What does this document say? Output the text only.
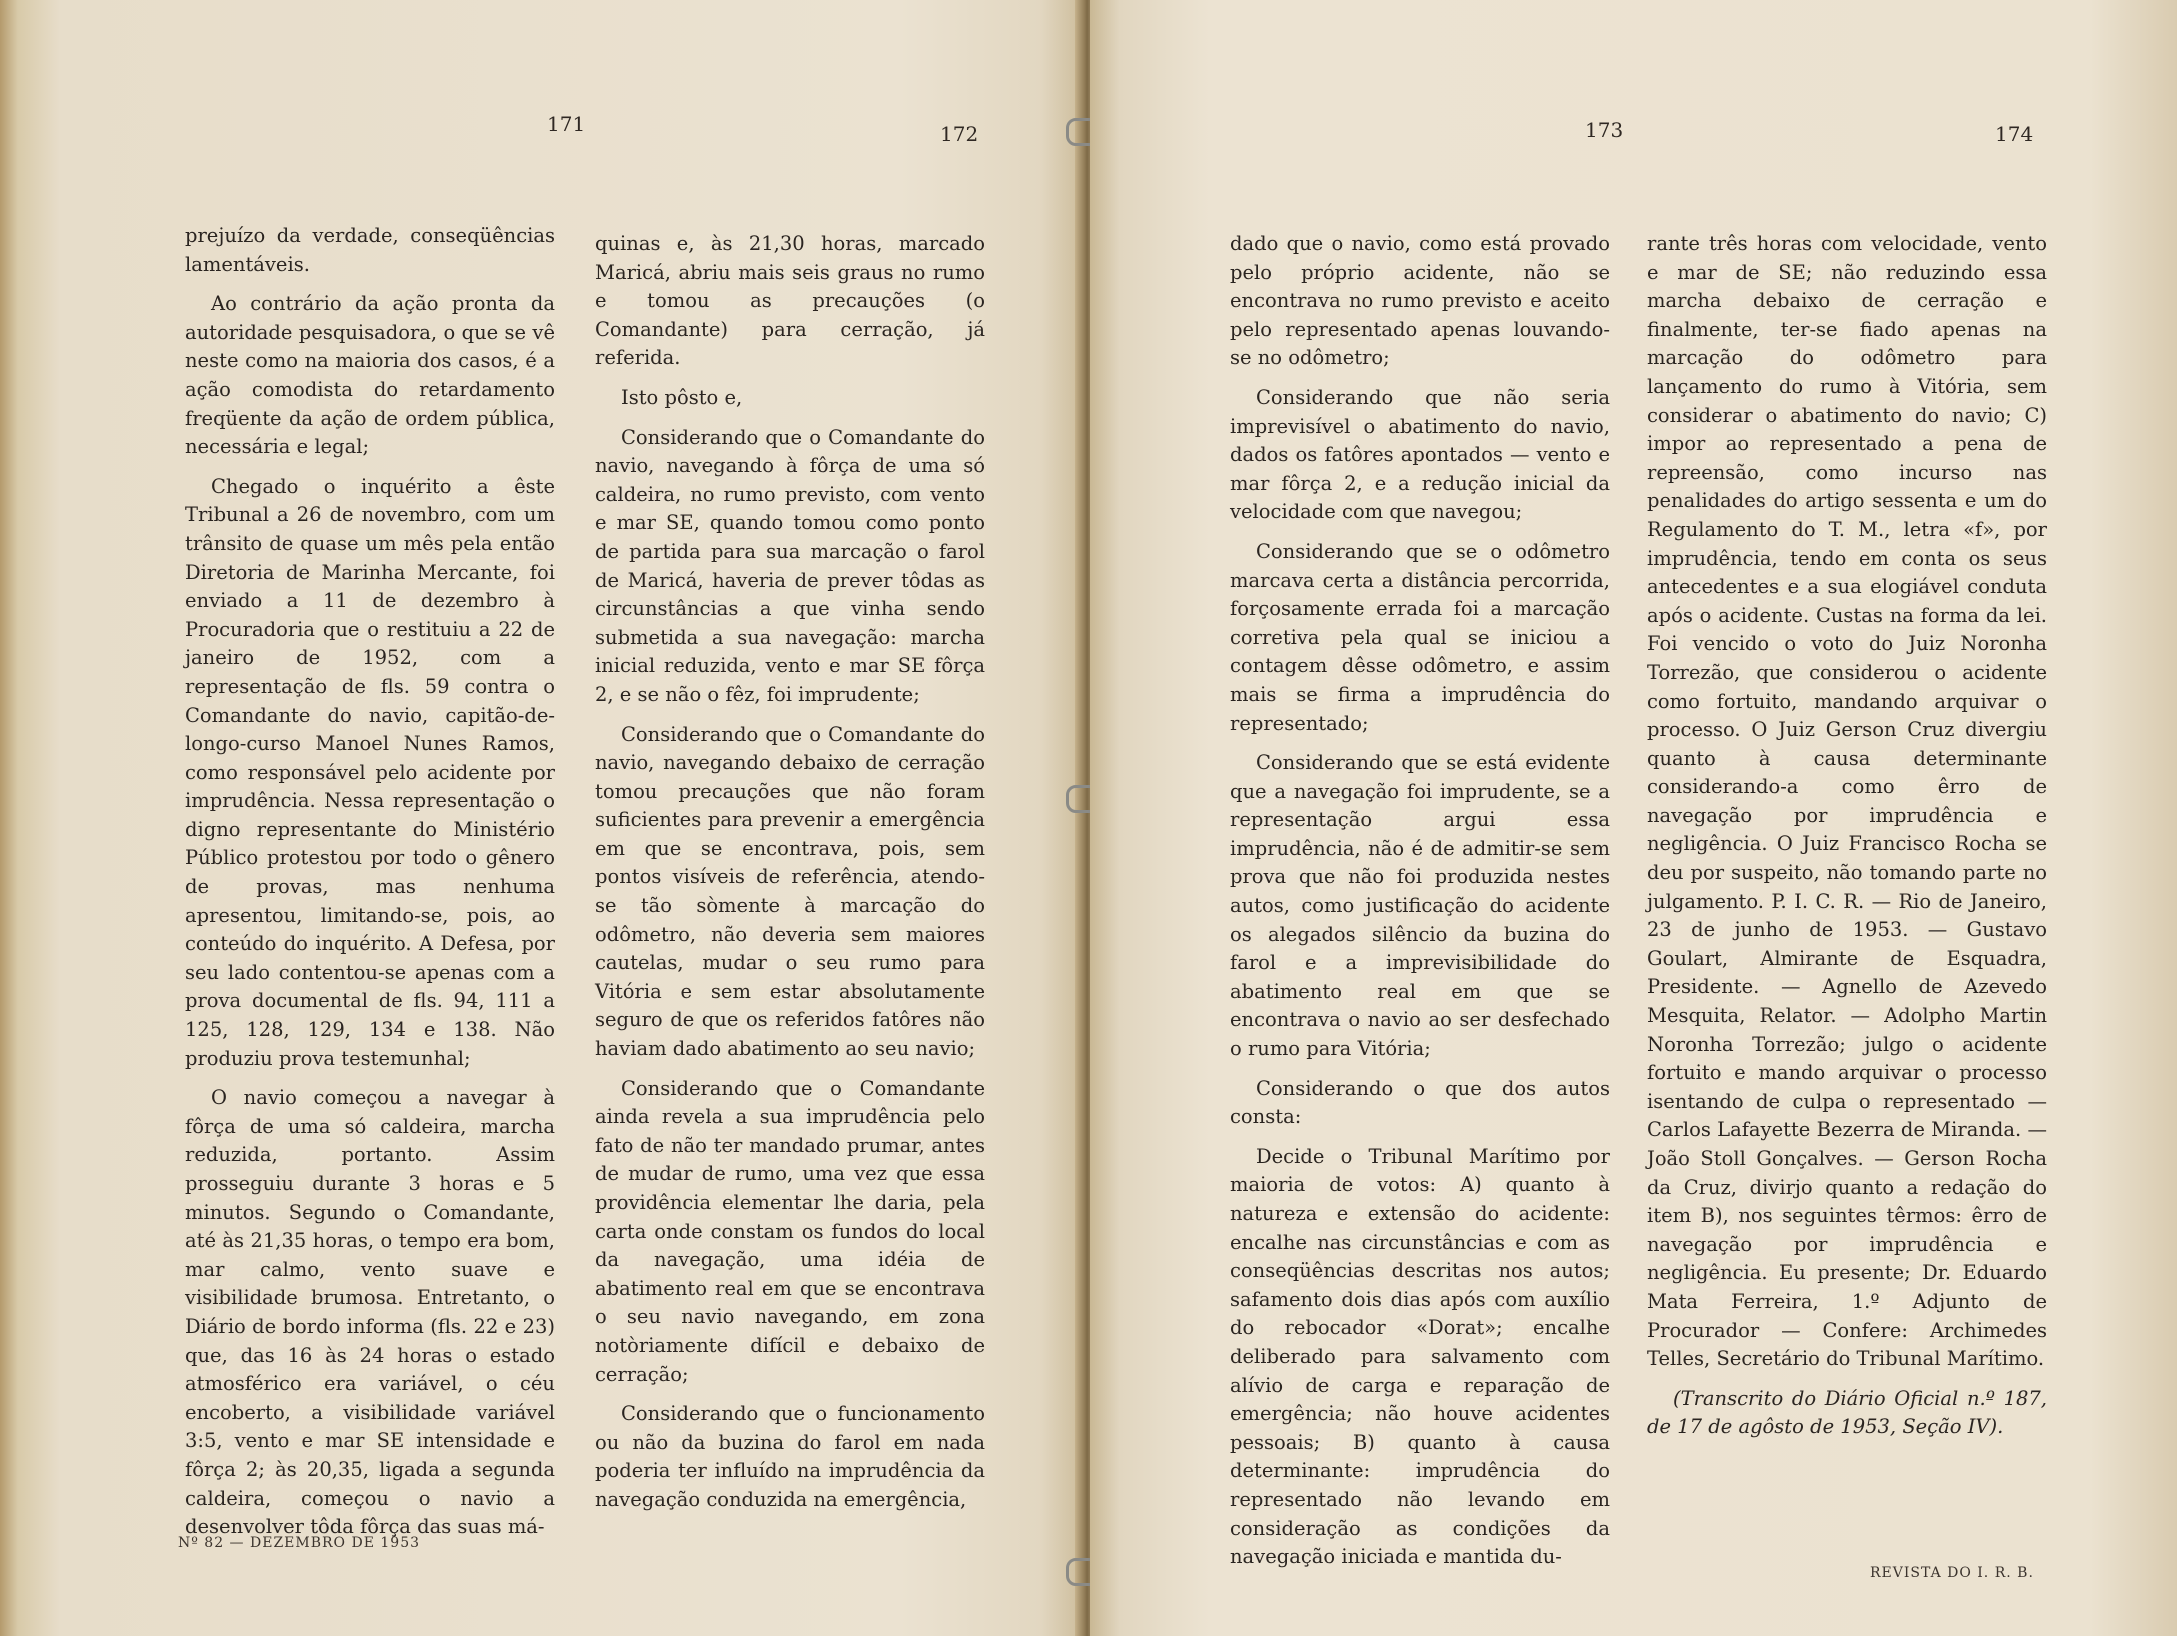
171	172

prejuízo da verdade, conseqüências lamentáveis.

Ao contrário da ação pronta da autoridade pesquisadora, o que se vê neste como na maioria dos casos, é a ação comodista do retardamento freqüente da ação de ordem pública, necessária e legal;

Chegado o inquérito a êste Tribunal a 26 de novembro, com um trânsito de quase um mês pela então Diretoria de Marinha Mercante, foi enviado a 11 de dezembro à Procuradoria que o restituiu a 22 de janeiro de 1952, com a representação de fls. 59 contra o Comandante do navio, capitão-de-longo-curso Manoel Nunes Ramos, como responsável pelo acidente por imprudência. Nessa representação o digno representante do Ministério Público protestou por todo o gênero de provas, mas nenhuma apresentou, limitando-se, pois, ao conteúdo do inquérito. A Defesa, por seu lado contentou-se apenas com a prova documental de fls. 94, 111 a 125, 128, 129, 134 e 138. Não produziu prova testemunhal;

O navio começou a navegar à fôrça de uma só caldeira, marcha reduzida, portanto. Assim prosseguiu durante 3 horas e 5 minutos. Segundo o Comandante, até às 21,35 horas, o tempo era bom, mar calmo, vento suave e visibilidade brumosa. Entretanto, o Diário de bordo informa (fls. 22 e 23) que, das 16 às 24 horas o estado atmosférico era variável, o céu encoberto, a visibilidade variável 3:5, vento e mar SE intensidade e fôrça 2; às 20,35, ligada a segunda caldeira, começou o navio a desenvolver tôda fôrça das suas má-

quinas e, às 21,30 horas, marcado Maricá, abriu mais seis graus no rumo e tomou as precauções (o Comandante) para cerração, já referida.

Isto pôsto e,

Considerando que o Comandante do navio, navegando à fôrça de uma só caldeira, no rumo previsto, com vento e mar SE, quando tomou como ponto de partida para sua marcação o farol de Maricá, haveria de prever tôdas as circunstâncias a que vinha sendo submetida a sua navegação: marcha inicial reduzida, vento e mar SE fôrça 2, e se não o fêz, foi imprudente;

Considerando que o Comandante do navio, navegando debaixo de cerração tomou precauções que não foram suficientes para prevenir a emergência em que se encontrava, pois, sem pontos visíveis de referência, atendo-se tão sòmente à marcação do odômetro, não deveria sem maiores cautelas, mudar o seu rumo para Vitória e sem estar absolutamente seguro de que os referidos fatôres não haviam dado abatimento ao seu navio;

Considerando que o Comandante ainda revela a sua imprudência pelo fato de não ter mandado prumar, antes de mudar de rumo, uma vez que essa providência elementar lhe daria, pela carta onde constam os fundos do local da navegação, uma idéia de abatimento real em que se encontrava o seu navio navegando, em zona notòriamente difícil e debaixo de cerração;

Considerando que o funcionamento ou não da buzina do farol em nada poderia ter influído na imprudência da navegação conduzida na emergência,

Nº 82 — DEZEMBRO DE 1953
173	174

dado que o navio, como está provado pelo próprio acidente, não se encontrava no rumo previsto e aceito pelo representado apenas louvando-se no odômetro;

Considerando que não seria imprevisível o abatimento do navio, dados os fatôres apontados — vento e mar fôrça 2, e a redução inicial da velocidade com que navegou;

Considerando que se o odômetro marcava certa a distância percorrida, forçosamente errada foi a marcação corretiva pela qual se iniciou a contagem dêsse odômetro, e assim mais se firma a imprudência do representado;

Considerando que se está evidente que a navegação foi imprudente, se a representação argui essa imprudência, não é de admitir-se sem prova que não foi produzida nestes autos, como justificação do acidente os alegados silêncio da buzina do farol e a imprevisibilidade do abatimento real em que se encontrava o navio ao ser desfechado o rumo para Vitória;

Considerando o que dos autos consta:

Decide o Tribunal Marítimo por maioria de votos: A) quanto à natureza e extensão do acidente: encalhe nas circunstâncias e com as conseqüências descritas nos autos; safamento dois dias após com auxílio do rebocador «Dorat»; encalhe deliberado para salvamento com alívio de carga e reparação de emergência; não houve acidentes pessoais; B) quanto à causa determinante: imprudência do representado não levando em consideração as condições da navegação iniciada e mantida du-

rante três horas com velocidade, vento e mar de SE; não reduzindo essa marcha debaixo de cerração e finalmente, ter-se fiado apenas na marcação do odômetro para lançamento do rumo à Vitória, sem considerar o abatimento do navio; C) impor ao representado a pena de repreensão, como incurso nas penalidades do artigo sessenta e um do Regulamento do T. M., letra «f», por imprudência, tendo em conta os seus antecedentes e a sua elogiável conduta após o acidente. Custas na forma da lei. Foi vencido o voto do Juiz Noronha Torrezão, que considerou o acidente como fortuito, mandando arquivar o processo. O Juiz Gerson Cruz divergiu quanto à causa determinante considerando-a como êrro de navegação por imprudência e negligência. O Juiz Francisco Rocha se deu por suspeito, não tomando parte no julgamento. P. I. C. R. — Rio de Janeiro, 23 de junho de 1953. — Gustavo Goulart, Almirante de Esquadra, Presidente. — Agnello de Azevedo Mesquita, Relator. — Adolpho Martin Noronha Torrezão; julgo o acidente fortuito e mando arquivar o processo isentando de culpa o representado — Carlos Lafayette Bezerra de Miranda. — João Stoll Gonçalves. — Gerson Rocha da Cruz, divirjo quanto a redação do item B), nos seguintes têrmos: êrro de navegação por imprudência e negligência. Eu presente; Dr. Eduardo Mata Ferreira, 1.º Adjunto de Procurador — Confere: Archimedes Telles, Secretário do Tribunal Marítimo.

(Transcrito do Diário Oficial n.º 187, de 17 de agôsto de 1953, Seção IV).

REVISTA DO I. R. B.
